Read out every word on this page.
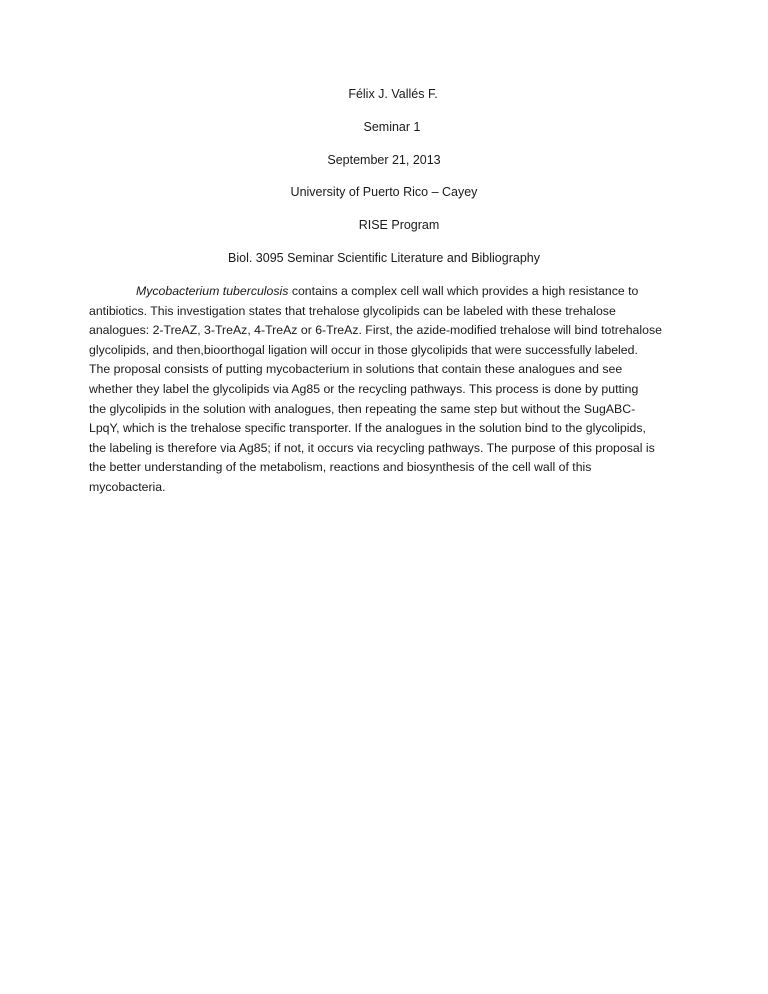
Félix J. Vallés F.
Seminar 1
September 21, 2013
University of Puerto Rico – Cayey
RISE Program
Biol. 3095 Seminar Scientific Literature and Bibliography
Mycobacterium tuberculosis contains a complex cell wall which provides a high resistance to
antibiotics. This investigation states that trehalose glycolipids can be labeled with these trehalose
analogues: 2-TreAZ, 3-TreAz, 4-TreAz or 6-TreAz. First, the azide-modified trehalose will bind totrehalose
glycolipids, and then,bioorthogal ligation will occur in those glycolipids that were successfully labeled.
The proposal consists of putting mycobacterium in solutions that contain these analogues and see
whether they label the glycolipids via Ag85 or the recycling pathways. This process is done by putting
the glycolipids in the solution with analogues, then repeating the same step but without the SugABC-
LpqY, which is the trehalose specific transporter. If the analogues in the solution bind to the glycolipids,
the labeling is therefore via Ag85; if not, it occurs via recycling pathways. The purpose of this proposal is
the better understanding of the metabolism, reactions and biosynthesis of the cell wall of this
mycobacteria.
